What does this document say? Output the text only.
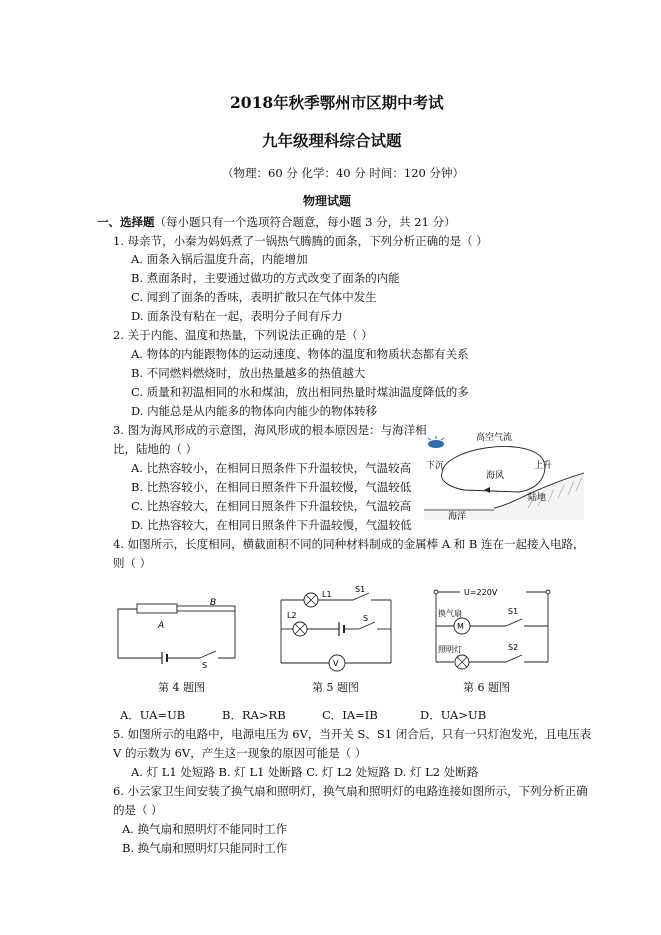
2018年秋季鄂州市区期中考试
九年级理科综合试题
（物理：60 分 化学：40 分 时间：120 分钟）
物理试题
一、选择题（每小题只有一个选项符合题意，每小题 3 分，共 21 分）
1. 母亲节，小秦为妈妈煮了一锅热气腾腾的面条，下列分析正确的是（ ）
A. 面条入锅后温度升高，内能增加
B. 煮面条时，主要通过做功的方式改变了面条的内能
C. 闻到了面条的香味，表明扩散只在气体中发生
D. 面条没有粘在一起，表明分子间有斥力
2. 关于内能、温度和热量，下列说法正确的是（ ）
A. 物体的内能跟物体的运动速度、物体的温度和物质状态都有关系
B. 不同燃料燃烧时，放出热量越多的热值越大
C. 质量和初温相同的水和煤油，放出相同热量时煤油温度降低的多
D. 内能总是从内能多的物体向内能少的物体转移
3. 图为海风形成的示意图，海风形成的根本原因是：与海洋相
比，陆地的（ ）
A. 比热容较小，在相同日照条件下升温较快，气温较高
B. 比热容较小，在相同日照条件下升温较慢，气温较低
C. 比热容较大，在相同日照条件下升温较快，气温较高
D. 比热容较大，在相同日照条件下升温较慢，气温较低
高空气流
下沉	上升
海风
陆地
海洋
4. 如图所示，长度相同，横截面积不同的同种材料制成的金属棒 A 和 B 连在一起接入电路，
则（ ）
A
B
S
L1
S1
L2	S
V
U=220V
M
换气扇	S1
照明灯	S2
第 4 题图	第 5 题图	第 6 题图
A．UA=UB	B．RA>RB	C．IA=IB	D．UA>UB
5. 如图所示的电路中，电源电压为 6V，当开关 S、S1 闭合后，只有一只灯泡发光，且电压表
V 的示数为 6V，产生这一现象的原因可能是（ ）
A. 灯 L1 处短路 B. 灯 L1 处断路 C. 灯 L2 处短路 D. 灯 L2 处断路
6. 小云家卫生间安装了换气扇和照明灯，换气扇和照明灯的电路连接如图所示，下列分析正确
的是（ ）
A. 换气扇和照明灯不能同时工作
B. 换气扇和照明灯只能同时工作
